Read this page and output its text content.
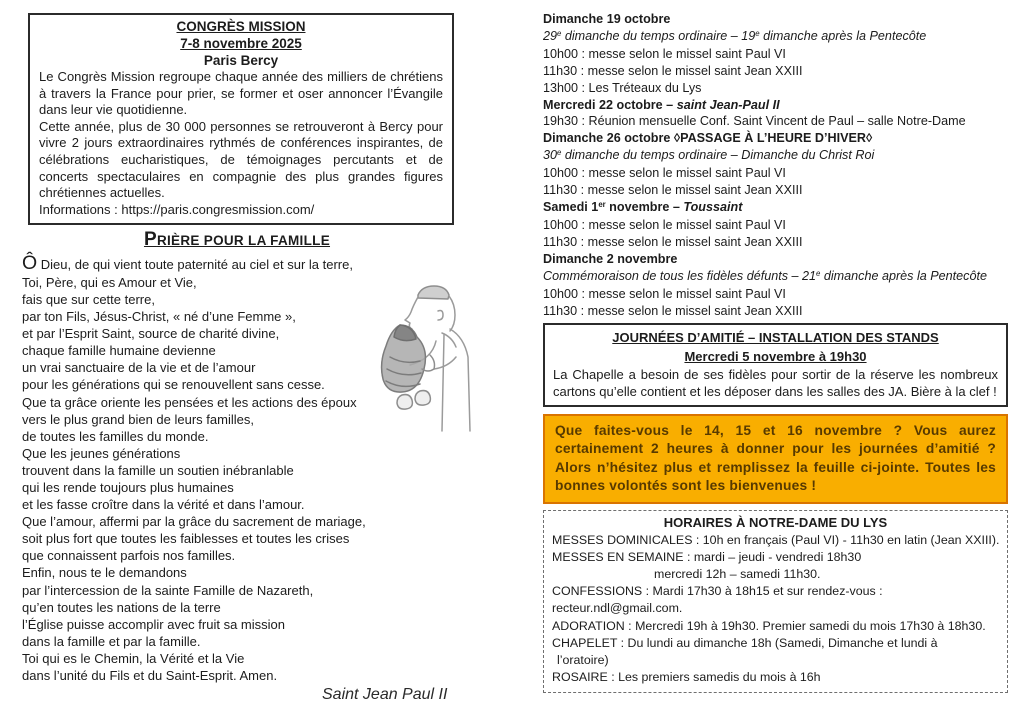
CONGRÈS MISSION
7-8 novembre 2025
Paris Bercy
Le Congrès Mission regroupe chaque année des milliers de chrétiens à travers la France pour prier, se former et oser annoncer l’Évangile dans leur vie quotidienne.
Cette année, plus de 30 000 personnes se retrouveront à Bercy pour vivre 2 jours extraordinaires rythmés de conférences inspirantes, de célébrations eucharistiques, de témoignages percutants et de concerts spectaculaires en compagnie des plus grandes figures chrétiennes actuelles.
Informations : https://paris.congresmission.com/
PRIÈRE POUR LA FAMILLE
Ô Dieu, de qui vient toute paternité au ciel et sur la terre,
Toi, Père, qui es Amour et Vie,
fais que sur cette terre,
par ton Fils, Jésus-Christ, « né d’une Femme »,
et par l’Esprit Saint, source de charité divine,
chaque famille humaine devienne
un vrai sanctuaire de la vie et de l’amour
pour les générations qui se renouvellent sans cesse.
Que ta grâce oriente les pensées et les actions des époux
vers le plus grand bien de leurs familles,
de toutes les familles du monde.
Que les jeunes générations
trouvent dans la famille un soutien inébranlable
qui les rende toujours plus humaines
et les fasse croître dans la vérité et dans l’amour.
Que l’amour, affermi par la grâce du sacrement de mariage,
soit plus fort que toutes les faiblesses et toutes les crises
que connaissent parfois nos familles.
Enfin, nous te le demandons
par l’intercession de la sainte Famille de Nazareth,
qu’en toutes les nations de la terre
l’Église puisse accomplir avec fruit sa mission
dans la famille et par la famille.
Toi qui es le Chemin, la Vérité et la Vie
dans l’unité du Fils et du Saint-Esprit. Amen.
Saint Jean Paul II
Dimanche 19 octobre
29e dimanche du temps ordinaire – 19e dimanche après la Pentecôte
10h00 : messe selon le missel saint Paul VI
11h30 : messe selon le missel saint Jean XXIII
13h00 : Les Tréteaux du Lys
Mercredi 22 octobre – saint Jean-Paul II
19h30 : Réunion mensuelle Conf. Saint Vincent de Paul – salle Notre-Dame
Dimanche 26 octobre ◊PASSAGE À L’HEURE D’HIVER◊
30e dimanche du temps ordinaire – Dimanche du Christ Roi
10h00 : messe selon le missel saint Paul VI
11h30 : messe selon le missel saint Jean XXIII
Samedi 1er novembre – Toussaint
10h00 : messe selon le missel saint Paul VI
11h30 : messe selon le missel saint Jean XXIII
Dimanche 2 novembre
Commémoraison de tous les fidèles défunts – 21e dimanche après la Pentecôte
10h00 : messe selon le missel saint Paul VI
11h30 : messe selon le missel saint Jean XXIII
JOURNÉES D’AMITIÉ – INSTALLATION DES STANDS
Mercredi 5 novembre à 19h30
La Chapelle a besoin de ses fidèles pour sortir de la réserve les nombreux cartons qu’elle contient et les déposer dans les salles des JA. Bière à la clef !
Que faites-vous le 14, 15 et 16 novembre ? Vous aurez certainement 2 heures à donner pour les journées d’amitié ? Alors n’hésitez plus et remplissez la feuille ci-jointe. Toutes les bonnes volontés sont les bienvenues !
HORAIRES À NOTRE-DAME DU LYS
MESSES DOMINICALES : 10h en français (Paul VI) - 11h30 en latin (Jean XXIII).
MESSES EN SEMAINE : mardi – jeudi - vendredi 18h30
mercredi 12h – samedi 11h30.
CONFESSIONS : Mardi 17h30 à 18h15 et sur rendez-vous :
recteur.ndl@gmail.com.
ADORATION : Mercredi 19h à 19h30. Premier samedi du mois 17h30 à 18h30.
CHAPELET : Du lundi au dimanche 18h (Samedi, Dimanche et lundi à
l’oratoire)
ROSAIRE : Les premiers samedis du mois à 16h
